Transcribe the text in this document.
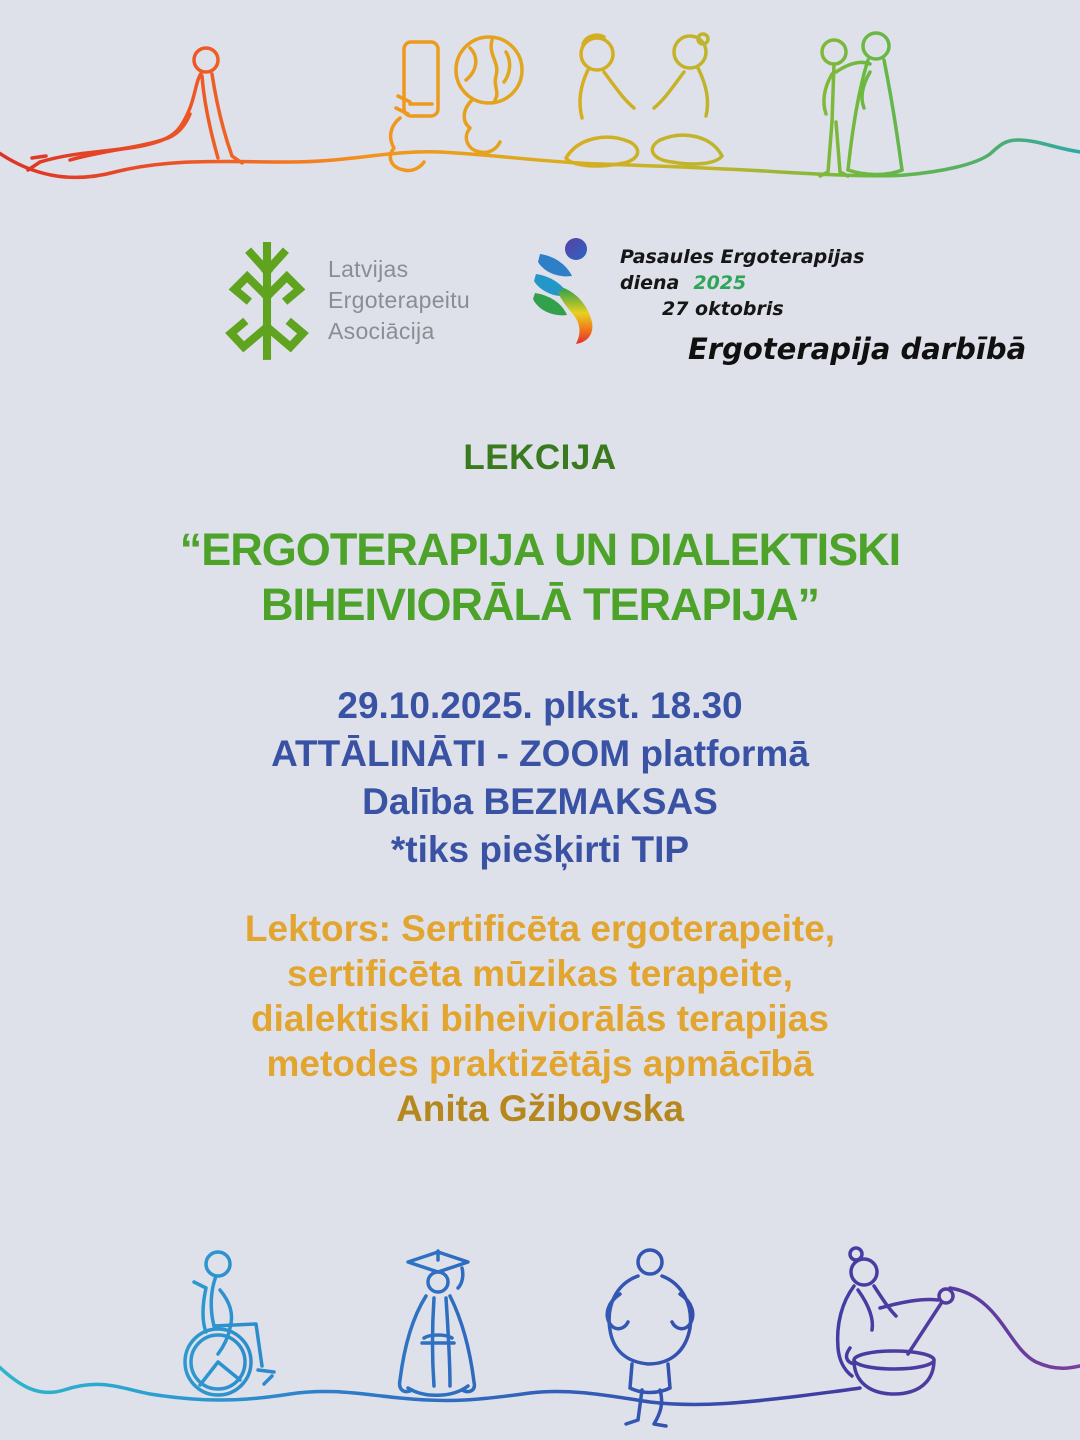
Latvijas
Ergoterapeitu
Asociācija
Pasaules Ergoterapijas
diena 2025
27 oktobris
Ergoterapija darbībā
LEKCIJA
“ERGOTERAPIJA UN DIALEKTISKI
BIHEIVIORĀLĀ TERAPIJA”
29.10.2025. plkst. 18.30
ATTĀLINĀTI - ZOOM platformā
Dalība BEZMAKSAS
*tiks piešķirti TIP
Lektors: Sertificēta ergoterapeite,
sertificēta mūzikas terapeite,
dialektiski biheiviorālās terapijas
metodes praktizētājs apmācībā
Anita Gžibovska
